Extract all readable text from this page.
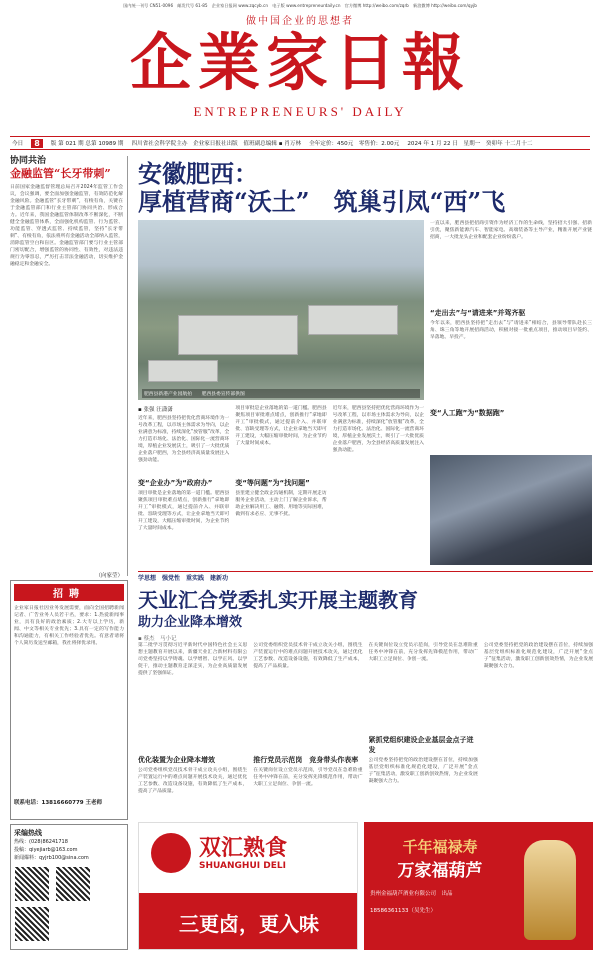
国内统一刊号 CN51-0096　邮发代号 61-85　企业家日报网 www.zqcyb.cn　电子版 www.entrepreneurdaily.cn　官方微博 http://weibo.com/zqrb　新浪微博 http://weibo.com/qyjb
做中国企业的思想者
企業家日報
ENTREPRENEURS' DAILY
今日	8	版 第 021 期 总第 10989 期 四川省社会科学院主办　企业家日报社出版　值班副总编辑 ▪ 肖万林 全年定价：450元　零售价：2.00元 2024 年 1 月 22 日　星期一　癸卯年 十二月十二
协同共治
金融监管“长牙带刺”
日前国家金融监督管理总局召开2024年监管工作会议，会议强调，要全面加强金融监管，有效防范化解金融风险。金融监管“长牙带刺”，有棱有角，关键在于金融监管部门和行业主管部门协同共治、形成合力。近年来，我国金融监管体制改革不断深化，不断健全金融监管体系，全面强化机构监管、行为监管、功能监管、穿透式监管、持续监管，坚持“长牙带刺”、有棱有角，依法将所有金融活动全部纳入监管，消除监管空白和盲区。金融监管部门要与行业主管部门密切配合，增强监管的协同性、有效性，对违法违规行为零容忍，严厉打击非法金融活动，切实维护金融稳定和金融安全。
（向家莹）
招聘
企业家日报社因业务发展需要，面向全国招聘新闻记者、广告业务人员若干名，要求：1.热爱新闻事业，具有良好的政治素质；2.大专以上学历，新闻、中文等相关专业优先；3.具有一定的写作能力和沟通能力，有相关工作经验者优先。有意者请将个人简历发送至邮箱，我社将择优录用。
联系电话：13816660779 王老师
采编热线
热线：(028)86241718
投稿：qiyejiarb@163.com
新闻爆料：qyjrb100@sina.com

安徽肥西：
厚植营商“沃土”　筑巢引凤“西”飞
肥西县新港产业园航拍　　肥西县委宣传部供图
一直以来，肥西县把招商引资作为经济工作的生命线，坚持招大引强、招新引优，聚焦新能源汽车、智能家电、高端装备等主导产业，精准开展产业链招商，一大批龙头企业和配套企业纷纷落户。
“走出去”与“请进来”并驾齐驱
今年以来，肥西县坚持把“走出去”与“请进来”相结合，县领导带队赴长三角、珠三角等地开展招商活动，积极对接一批重点项目，推动项目早签约、早落地、早投产。
变“人工跑”为“数据跑”
▪ 张强 汪潇潇
近年来，肥西县坚持把优化营商环境作为一号改革工程，以市场主体需求为导向，以企业满意为标准，持续深化“放管服”改革，全力打造市场化、法治化、国际化一流营商环境，厚植企业发展沃土，吸引了一大批优质企业落户肥西，为全县经济高质量发展注入强劲动能。
变“企业办”为“政府办”
项目审批是企业落地的第一道门槛。肥西县聚焦项目审批难点堵点，创新推行“拿地即开工”审批模式，通过提前介入、并联审批、容缺受理等方式，让企业拿地当天即可开工建设，大幅压缩审批时间，为企业节约了大量时间成本。
项目审批是企业落地的第一道门槛。肥西县聚焦项目审批难点堵点，创新推行“拿地即开工”审批模式，通过提前介入、并联审批、容缺受理等方式，让企业拿地当天即可开工建设，大幅压缩审批时间，为企业节约了大量时间成本。
变“等问题”为“找问题”
县里建立健全政企沟通机制，定期开展走访服务企业活动，主动上门了解企业诉求，帮助企业解决用工、融资、用地等实际困难，做到有求必应、无事不扰。
近年来，肥西县坚持把优化营商环境作为一号改革工程，以市场主体需求为导向，以企业满意为标准，持续深化“放管服”改革，全力打造市场化、法治化、国际化一流营商环境，厚植企业发展沃土，吸引了一大批优质企业落户肥西，为全县经济高质量发展注入强劲动能。
学思想　强党性　重实践　建新功
天业汇合党委扎实开展主题教育
助力企业降本增效
▪ 蔡杰　马小记
第二批学习贯彻习近平新时代中国特色社会主义思想主题教育开展以来，新疆天业汇合新材料有限公司党委坚持以学铸魂、以学增智、以学正风、以学促干，推动主题教育走深走实，为企业高质量发展提供了坚强保证。
优化装置为企业降本增效
公司党委组织党员技术骨干成立攻关小组，围绕生产装置运行中的难点问题开展技术攻关，通过优化工艺参数、改造设备设施，有效降低了生产成本，提高了产品质量。
公司党委组织党员技术骨干成立攻关小组，围绕生产装置运行中的难点问题开展技术攻关，通过优化工艺参数、改造设备设施，有效降低了生产成本，提高了产品质量。
推行党员示范岗　竞身带头作表率
在关键岗位设立党员示范岗，引导党员在急难险重任务中冲锋在前，充分发挥先锋模范作用，带动广大职工立足岗位、争创一流。
在关键岗位设立党员示范岗，引导党员在急难险重任务中冲锋在前，充分发挥先锋模范作用，带动广大职工立足岗位、争创一流。
紧抓党组织建设企业基层金点子迸发
公司党委坚持把党的政治建设摆在首位，持续加强基层党组织标准化规范化建设，广泛开展“金点子”征集活动，激发职工创新创效热情，为企业发展凝聚强大合力。
公司党委坚持把党的政治建设摆在首位，持续加强基层党组织标准化规范化建设，广泛开展“金点子”征集活动，激发职工创新创效热情，为企业发展凝聚强大合力。
双汇熟食
SHUANGHUI DELI
三更卤，更入味
千年福禄寿
万家福葫芦
贵州金福葫芦酒业有限公司　出品
18586361133（吴先生）
